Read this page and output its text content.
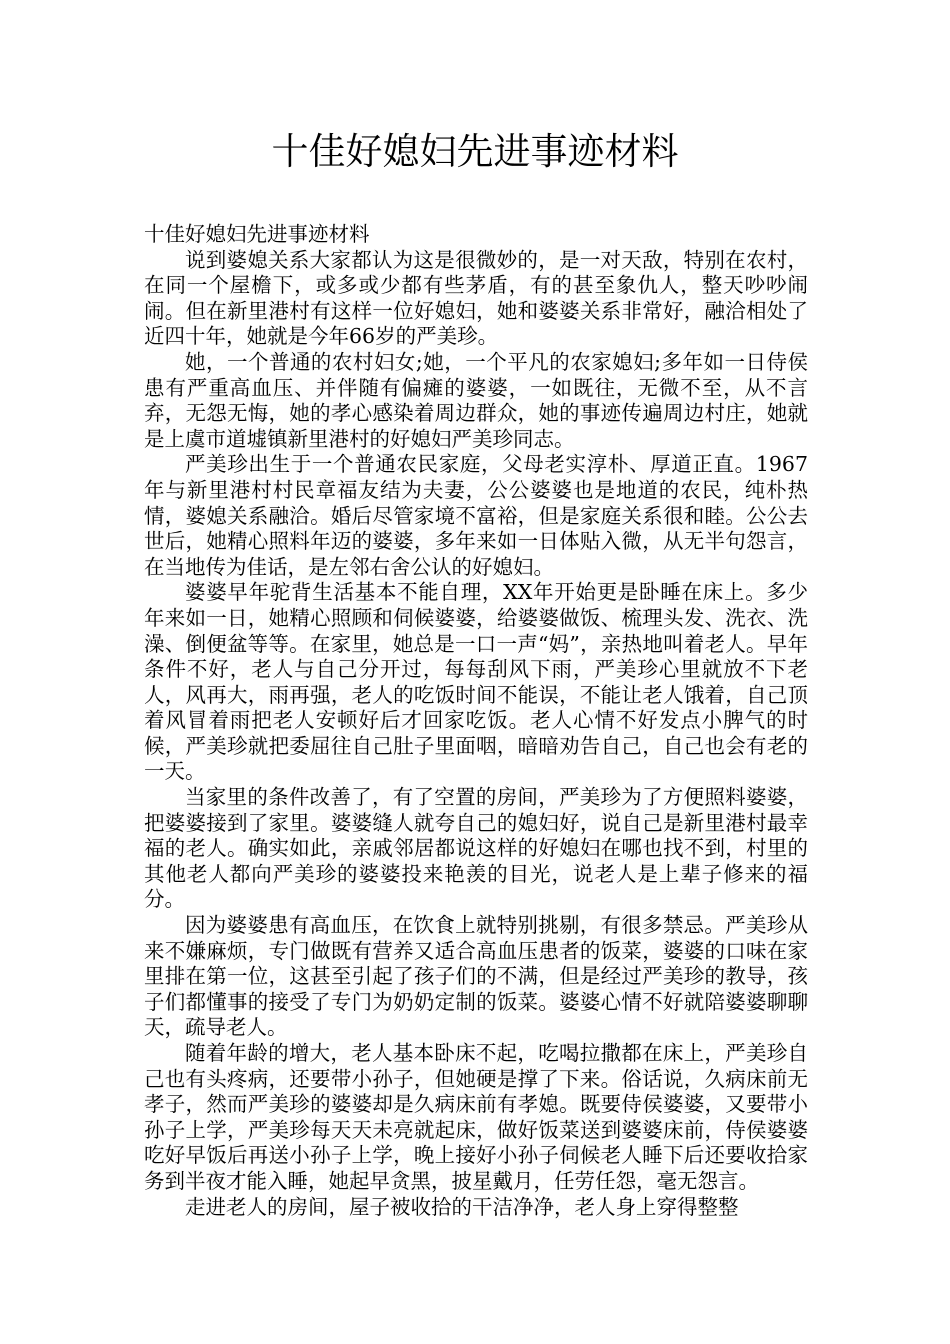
十佳好媳妇先进事迹材料

十佳好媳妇先进事迹材料

说到婆媳关系大家都认为这是很微妙的，是一对天敌，特别在农村，在同一个屋檐下，或多或少都有些茅盾，有的甚至象仇人，整天吵吵闹闹。但在新里港村有这样一位好媳妇，她和婆婆关系非常好，融洽相处了近四十年，她就是今年66岁的严美珍。

她，一个普通的农村妇女;她，一个平凡的农家媳妇;多年如一日侍侯患有严重高血压、并伴随有偏瘫的婆婆，一如既往，无微不至，从不言弃，无怨无悔，她的孝心感染着周边群众，她的事迹传遍周边村庄，她就是上虞市道墟镇新里港村的好媳妇严美珍同志。

严美珍出生于一个普通农民家庭，父母老实淳朴、厚道正直。1967年与新里港村村民章福友结为夫妻，公公婆婆也是地道的农民，纯朴热情，婆媳关系融洽。婚后尽管家境不富裕，但是家庭关系很和睦。公公去世后，她精心照料年迈的婆婆，多年来如一日体贴入微，从无半句怨言，在当地传为佳话，是左邻右舍公认的好媳妇。

婆婆早年驼背生活基本不能自理，XX年开始更是卧睡在床上。多少年来如一日，她精心照顾和伺候婆婆，给婆婆做饭、梳理头发、洗衣、洗澡、倒便盆等等。在家里，她总是一口一声“妈”，亲热地叫着老人。早年条件不好，老人与自己分开过，每每刮风下雨，严美珍心里就放不下老人，风再大，雨再强，老人的吃饭时间不能误，不能让老人饿着，自己顶着风冒着雨把老人安顿好后才回家吃饭。老人心情不好发点小脾气的时候，严美珍就把委屈往自己肚子里面咽，暗暗劝告自己，自己也会有老的一天。

当家里的条件改善了，有了空置的房间，严美珍为了方便照料婆婆，把婆婆接到了家里。婆婆缝人就夸自己的媳妇好，说自己是新里港村最幸福的老人。确实如此，亲戚邻居都说这样的好媳妇在哪也找不到，村里的其他老人都向严美珍的婆婆投来艳羡的目光，说老人是上辈子修来的福分。

因为婆婆患有高血压，在饮食上就特别挑剔，有很多禁忌。严美珍从来不嫌麻烦，专门做既有营养又适合高血压患者的饭菜，婆婆的口味在家里排在第一位，这甚至引起了孩子们的不满，但是经过严美珍的教导，孩子们都懂事的接受了专门为奶奶定制的饭菜。婆婆心情不好就陪婆婆聊聊天，疏导老人。

随着年龄的增大，老人基本卧床不起，吃喝拉撒都在床上，严美珍自己也有头疼病，还要带小孙子，但她硬是撑了下来。俗话说，久病床前无孝子，然而严美珍的婆婆却是久病床前有孝媳。既要侍侯婆婆，又要带小孙子上学，严美珍每天天未亮就起床，做好饭菜送到婆婆床前，侍侯婆婆吃好早饭后再送小孙子上学，晚上接好小孙子伺候老人睡下后还要收拾家务到半夜才能入睡，她起早贪黑，披星戴月，任劳任怨，毫无怨言。

走进老人的房间，屋子被收拾的干洁净净，老人身上穿得整整
